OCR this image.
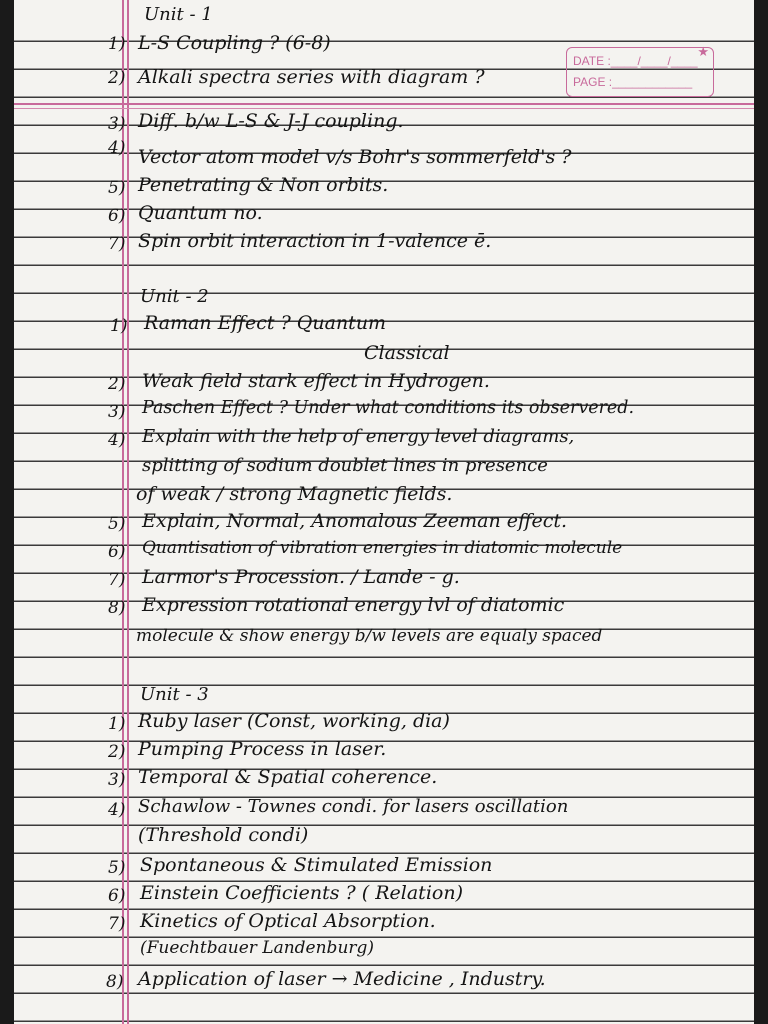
★
DATE :____/____/____
PAGE :____________
Unit - 1
1) L-S Coupling ? (6-8)
2) Alkali spectra series with diagram ?
3) Diff. b/w L-S & J-J coupling.
4) Vector atom model v/s Bohr's sommerfeld's ?
5) Penetrating & Non orbits.
6) Quantum no.
7) Spin orbit interaction in 1-valence ē.
Unit - 2
1) Raman Effect ? Quantum
Classical
2) Weak field stark effect in Hydrogen.
3) Paschen Effect ? Under what conditions its observered.
4) Explain with the help of energy level diagrams,
splitting of sodium doublet lines in presence
of weak / strong Magnetic fields.
5) Explain, Normal, Anomalous Zeeman effect.
6) Quantisation of vibration energies in diatomic molecule
7) Larmor's Procession. / Lande - g.
8) Expression rotational energy lvl of diatomic
molecule & show energy b/w levels are equaly spaced
Unit - 3
1) Ruby laser (Const, working, dia)
2) Pumping Process in laser.
3) Temporal & Spatial coherence.
4) Schawlow - Townes condi. for lasers oscillation
(Threshold condi)
5) Spontaneous & Stimulated Emission
6) Einstein Coefficients ? ( Relation)
7) Kinetics of Optical Absorption.
(Fuechtbauer Landenburg)
8) Application of laser → Medicine , Industry.
